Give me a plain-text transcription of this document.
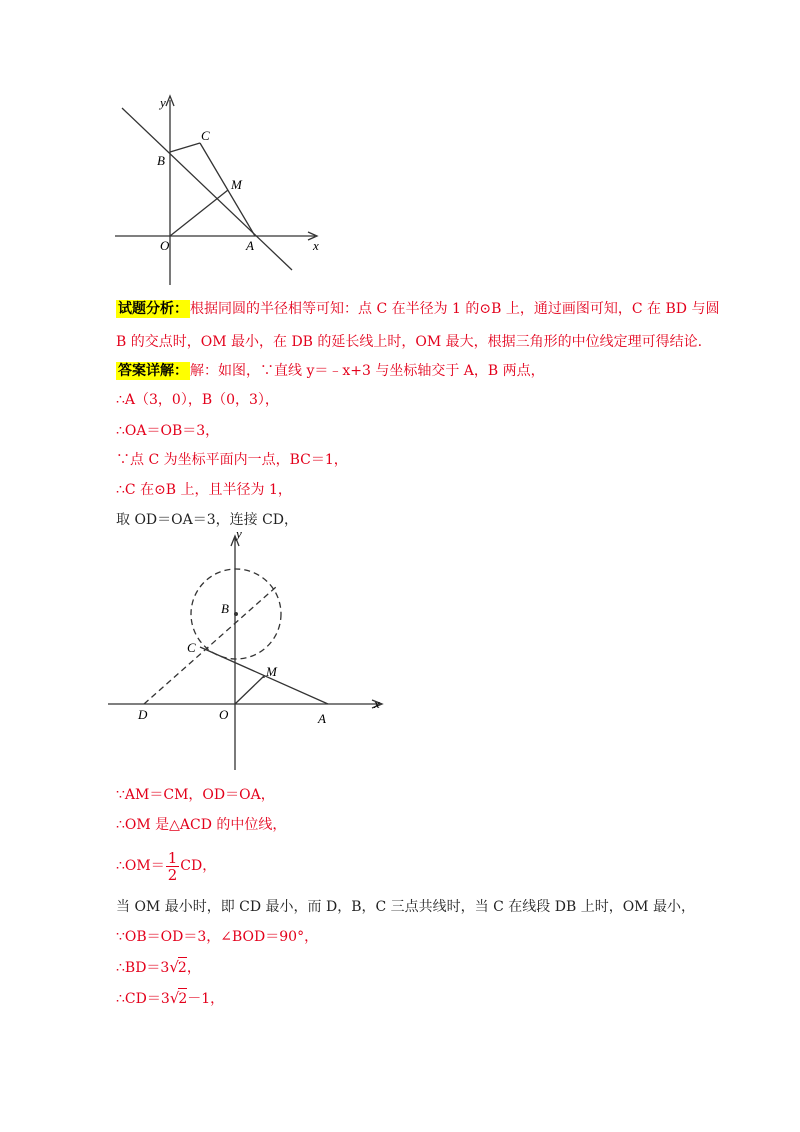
y
x
B
C
M
O	A
试题分析： 根据同圆的半径相等可知：点 C 在半径为 1 的⊙B 上，通过画图可知，C 在 BD 与圆
B 的交点时，OM 最小，在 DB 的延长线上时，OM 最大，根据三角形的中位线定理可得结论.
答案详解： 解：如图，∵直线 y＝﹣x+3 与坐标轴交于 A，B 两点，
∴A（3，0），B（0，3），
∴OA＝OB＝3，
∵点 C 为坐标平面内一点，BC＝1，
∴C 在⊙B 上，且半径为 1，
取 OD＝OA＝3，连接 CD，
y
x
B
C
M
O	A
D
∵AM＝CM，OD＝OA，
∴OM 是△ACD 的中位线，
∴OM＝ $\frac{1}{2}$ CD，
当 OM 最小时，即 CD 最小，而 D，B，C 三点共线时，当 C 在线段 DB 上时，OM 最小，
∵OB＝OD＝3，∠BOD＝90°，
∴BD＝3√2，
∴CD＝3√2－1，
